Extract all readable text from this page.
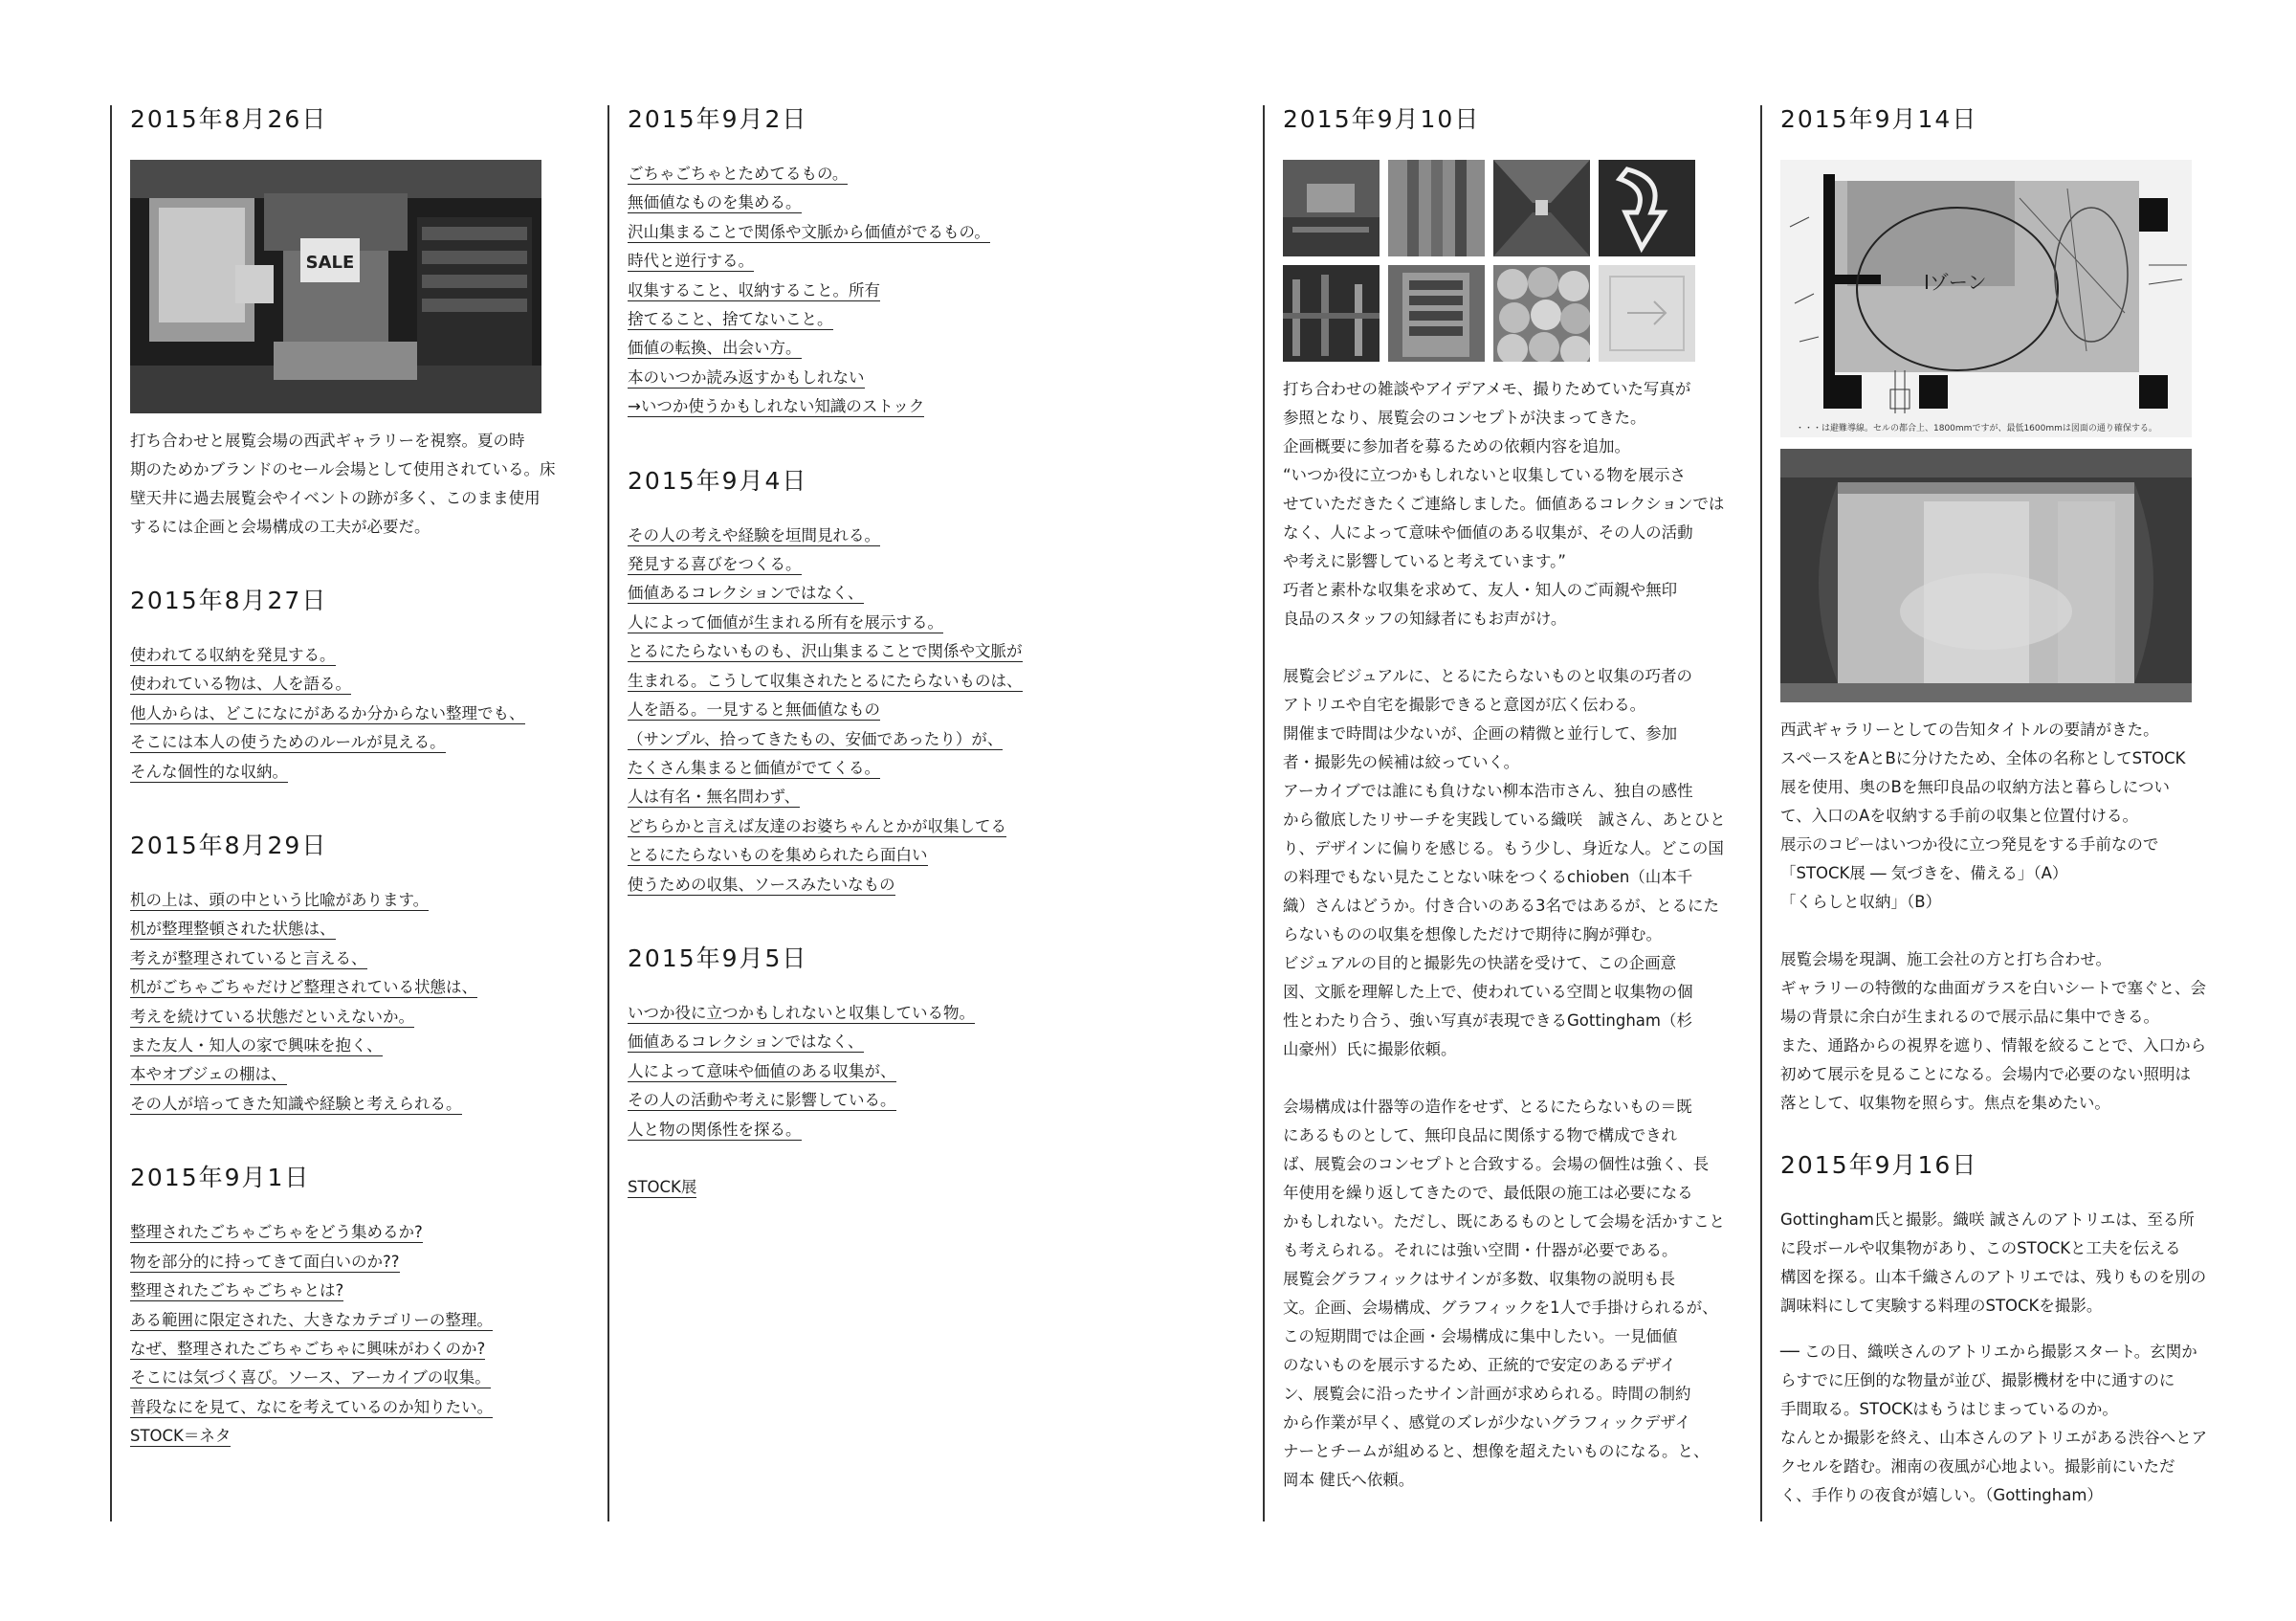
2015年8月26日
SALE

打ち合わせと展覧会場の西武ギャラリーを視察。夏の時

期のためかブランドのセール会場として使用されている。床

壁天井に過去展覧会やイベントの跡が多く、このまま使用

するには企画と会場構成の工夫が必要だ。

2015年8月27日
使われてる収納を発見する。
使われている物は、人を語る。
他人からは、どこになにがあるか分からない整理でも、
そこには本人の使うためのルールが見える。
そんな個性的な収納。
2015年8月29日
机の上は、頭の中という比喩があります。
机が整理整頓された状態は、
考えが整理されていると言える、
机がごちゃごちゃだけど整理されている状態は、
考えを続けている状態だといえないか。
また友人・知人の家で興味を抱く、
本やオブジェの棚は、
その人が培ってきた知識や経験と考えられる。
2015年9月1日
整理されたごちゃごちゃをどう集めるか?
物を部分的に持ってきて面白いのか??
整理されたごちゃごちゃとは?
ある範囲に限定された、大きなカテゴリーの整理。
なぜ、整理されたごちゃごちゃに興味がわくのか?
そこには気づく喜び。ソース、アーカイブの収集。
普段なにを見て、なにを考えているのか知りたい。
STOCK＝ネタ
2015年9月2日
ごちゃごちゃとためてるもの。
無価値なものを集める。
沢山集まることで関係や文脈から価値がでるもの。
時代と逆行する。
収集すること、収納すること。所有
捨てること、捨てないこと。
価値の転換、出会い方。
本のいつか読み返すかもしれない
→いつか使うかもしれない知識のストック
2015年9月4日
その人の考えや経験を垣間見れる。
発見する喜びをつくる。
価値あるコレクションではなく、
人によって価値が生まれる所有を展示する。
とるにたらないものも、沢山集まることで関係や文脈が
生まれる。こうして収集されたとるにたらないものは、
人を語る。一見すると無価値なもの
（サンプル、拾ってきたもの、安価であったり）が、
たくさん集まると価値がでてくる。
人は有名・無名問わず、
どちらかと言えば友達のお婆ちゃんとかが収集してる
とるにたらないものを集められたら面白い
使うための収集、ソースみたいなもの
2015年9月5日
いつか役に立つかもしれないと収集している物。
価値あるコレクションではなく、
人によって意味や価値のある収集が、
その人の活動や考えに影響している。
人と物の関係性を探る。
STOCK展
2015年9月10日

打ち合わせの雑談やアイデアメモ、撮りためていた写真が

参照となり、展覧会のコンセプトが決まってきた。

企画概要に参加者を募るための依頼内容を追加。

“いつか役に立つかもしれないと収集している物を展示さ

せていただきたくご連絡しました。価値あるコレクションでは

なく、人によって意味や価値のある収集が、その人の活動

や考えに影響していると考えています。”

巧者と素朴な収集を求めて、友人・知人のご両親や無印

良品のスタッフの知縁者にもお声がけ。

展覧会ビジュアルに、とるにたらないものと収集の巧者の

アトリエや自宅を撮影できると意図が広く伝わる。

開催まで時間は少ないが、企画の精微と並行して、参加

者・撮影先の候補は絞っていく。

アーカイブでは誰にも負けない柳本浩市さん、独自の感性

から徹底したリサーチを実践している織咲　誠さん、あとひと

り、デザインに偏りを感じる。もう少し、身近な人。どこの国

の料理でもない見たことない味をつくるchioben（山本千

織）さんはどうか。付き合いのある3名ではあるが、とるにた

らないものの収集を想像しただけで期待に胸が弾む。

ビジュアルの目的と撮影先の快諾を受けて、この企画意

図、文脈を理解した上で、使われている空間と収集物の個

性とわたり合う、強い写真が表現できるGottingham（杉

山豪州）氏に撮影依頼。

会場構成は什器等の造作をせず、とるにたらないもの＝既

にあるものとして、無印良品に関係する物で構成できれ

ば、展覧会のコンセプトと合致する。会場の個性は強く、長

年使用を繰り返してきたので、最低限の施工は必要になる

かもしれない。ただし、既にあるものとして会場を活かすこと

も考えられる。それには強い空間・什器が必要である。

展覧会グラフィックはサインが多数、収集物の説明も長

文。企画、会場構成、グラフィックを1人で手掛けられるが、

この短期間では企画・会場構成に集中したい。一見価値

のないものを展示するため、正統的で安定のあるデザイ

ン、展覧会に沿ったサイン計画が求められる。時間の制約

から作業が早く、感覚のズレが少ないグラフィックデザイ

ナーとチームが組めると、想像を超えたいものになる。と、

岡本 健氏へ依頼。

2015年9月14日
Iゾーン
・・・は避難導線。セルの都合上、1800mmですが、最低1600mmは図面の通り確保する。

西武ギャラリーとしての告知タイトルの要請がきた。

スペースをAとBに分けたため、全体の名称としてSTOCK

展を使用、奥のBを無印良品の収納方法と暮らしについ

て、入口のAを収納する手前の収集と位置付ける。

展示のコピーはいつか役に立つ発見をする手前なので

「STOCK展 ― 気づきを、備える」（A）

「くらしと収納」（B）

展覧会場を現調、施工会社の方と打ち合わせ。

ギャラリーの特徴的な曲面ガラスを白いシートで塞ぐと、会

場の背景に余白が生まれるので展示品に集中できる。

また、通路からの視界を遮り、情報を絞ることで、入口から

初めて展示を見ることになる。会場内で必要のない照明は

落として、収集物を照らす。焦点を集めたい。

2015年9月16日

Gottingham氏と撮影。織咲 誠さんのアトリエは、至る所

に段ボールや収集物があり、このSTOCKと工夫を伝える

構図を探る。山本千織さんのアトリエでは、残りものを別の

調味料にして実験する料理のSTOCKを撮影。

── この日、織咲さんのアトリエから撮影スタート。玄関か

らすでに圧倒的な物量が並び、撮影機材を中に通すのに

手間取る。STOCKはもうはじまっているのか。

なんとか撮影を終え、山本さんのアトリエがある渋谷へとア

クセルを踏む。湘南の夜風が心地よい。撮影前にいただ

く、手作りの夜食が嬉しい。（Gottingham）
